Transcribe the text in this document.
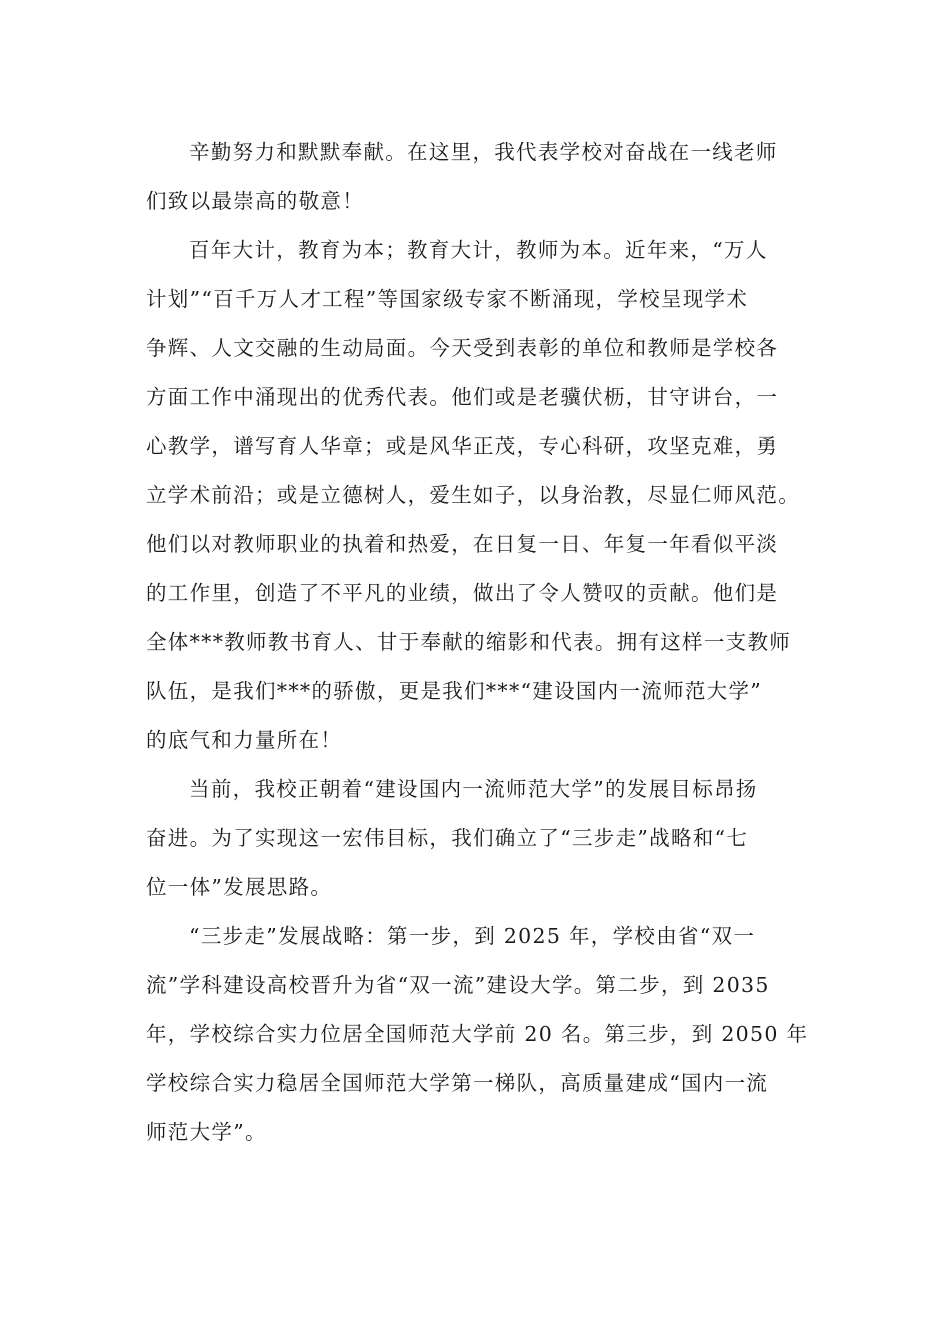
辛勤努力和默默奉献。在这里，我代表学校对奋战在一线老师
们致以最崇高的敬意！

百年大计，教育为本；教育大计，教师为本。近年来，“万人
计划”“百千万人才工程”等国家级专家不断涌现，学校呈现学术
争辉、人文交融的生动局面。今天受到表彰的单位和教师是学校各
方面工作中涌现出的优秀代表。他们或是老骥伏枥，甘守讲台，一
心教学，谱写育人华章；或是风华正茂，专心科研，攻坚克难，勇
立学术前沿；或是立德树人，爱生如子，以身治教，尽显仁师风范。
他们以对教师职业的执着和热爱，在日复一日、年复一年看似平淡
的工作里，创造了不平凡的业绩，做出了令人赞叹的贡献。他们是
全体***教师教书育人、甘于奉献的缩影和代表。拥有这样一支教师
队伍，是我们***的骄傲，更是我们***“建设国内一流师范大学”
的底气和力量所在！

当前，我校正朝着“建设国内一流师范大学”的发展目标昂扬
奋进。为了实现这一宏伟目标，我们确立了“三步走”战略和“七
位一体”发展思路。

“三步走”发展战略：第一步，到 2025 年，学校由省“双一
流”学科建设高校晋升为省“双一流”建设大学。第二步，到 2035
年，学校综合实力位居全国师范大学前 20 名。第三步，到 2050 年
学校综合实力稳居全国师范大学第一梯队，高质量建成“国内一流
师范大学”。
